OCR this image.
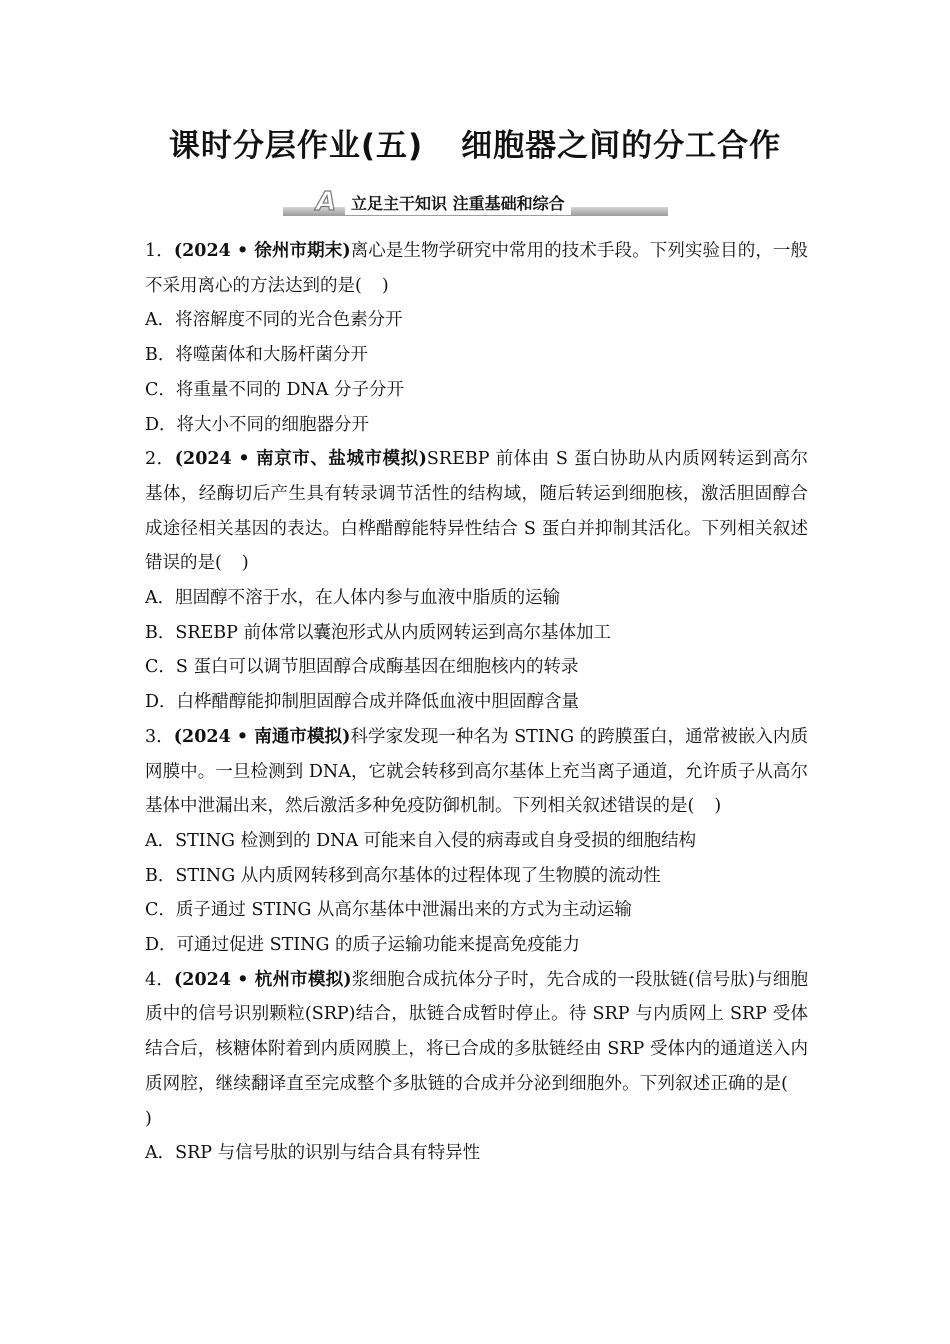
课时分层作业(五) 细胞器之间的分工合作
A 立足主干知识 注重基础和综合

1．(2024 • 徐州市期末)离心是生物学研究中常用的技术手段。下列实验目的，一般不采用离心的方法达到的是( )

A．将溶解度不同的光合色素分开

B．将噬菌体和大肠杆菌分开

C．将重量不同的 DNA 分子分开

D．将大小不同的细胞器分开

2．(2024 • 南京市、盐城市模拟)SREBP 前体由 S 蛋白协助从内质网转运到高尔基体，经酶切后产生具有转录调节活性的结构域，随后转运到细胞核，激活胆固醇合成途径相关基因的表达。白桦醋醇能特异性结合 S 蛋白并抑制其活化。下列相关叙述错误的是( )

A．胆固醇不溶于水，在人体内参与血液中脂质的运输

B．SREBP 前体常以囊泡形式从内质网转运到高尔基体加工

C．S 蛋白可以调节胆固醇合成酶基因在细胞核内的转录

D．白桦醋醇能抑制胆固醇合成并降低血液中胆固醇含量

3．(2024 • 南通市模拟)科学家发现一种名为 STING 的跨膜蛋白，通常被嵌入内质网膜中。一旦检测到 DNA，它就会转移到高尔基体上充当离子通道，允许质子从高尔基体中泄漏出来，然后激活多种免疫防御机制。下列相关叙述错误的是( )

A．STING 检测到的 DNA 可能来自入侵的病毒或自身受损的细胞结构

B．STING 从内质网转移到高尔基体的过程体现了生物膜的流动性

C．质子通过 STING 从高尔基体中泄漏出来的方式为主动运输

D．可通过促进 STING 的质子运输功能来提高免疫能力

4．(2024 • 杭州市模拟)浆细胞合成抗体分子时，先合成的一段肽链(信号肽)与细胞质中的信号识别颗粒(SRP)结合，肽链合成暂时停止。待 SRP 与内质网上 SRP 受体结合后，核糖体附着到内质网膜上，将已合成的多肽链经由 SRP 受体内的通道送入内质网腔，继续翻译直至完成整个多肽链的合成并分泌到细胞外。下列叙述正确的是()

A．SRP 与信号肽的识别与结合具有特异性
